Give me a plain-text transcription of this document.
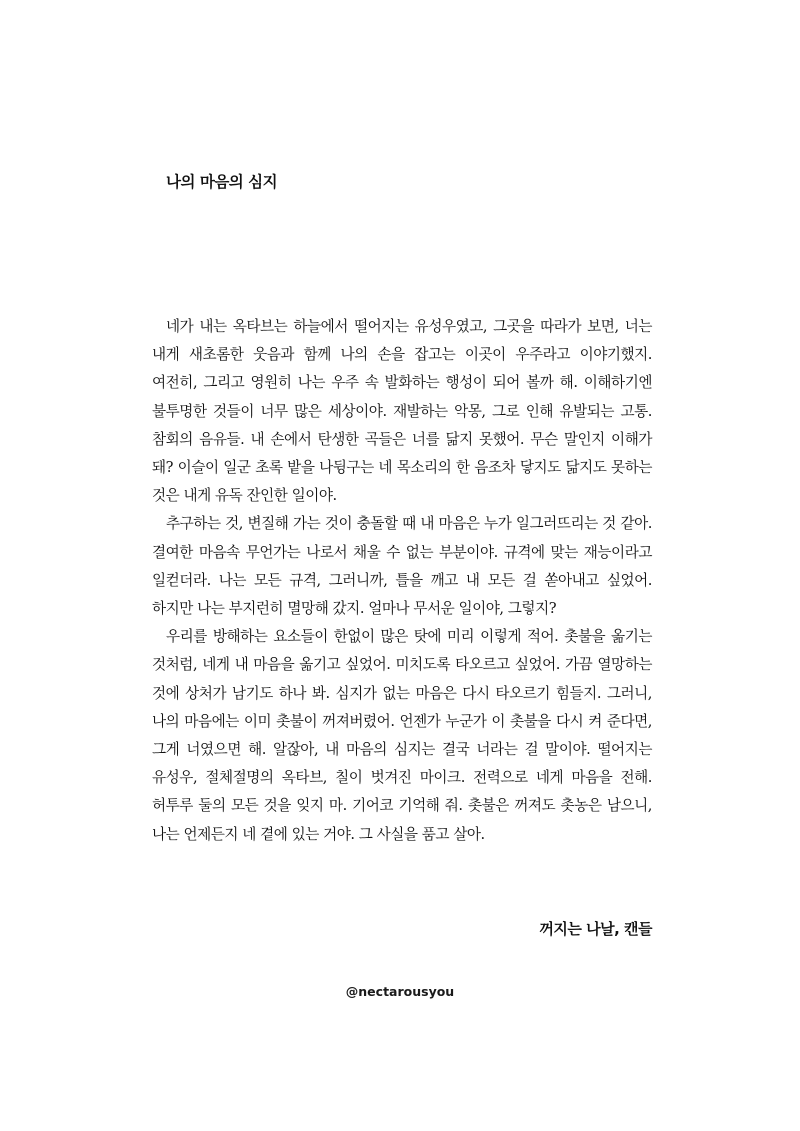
나의 마음의 심지

네가 내는 옥타브는 하늘에서 떨어지는 유성우였고, 그곳을 따라가 보면, 너는 내게 새초롬한 웃음과 함께 나의 손을 잡고는 이곳이 우주라고 이야기했지. 여전히, 그리고 영원히 나는 우주 속 발화하는 행성이 되어 볼까 해. 이해하기엔 불투명한 것들이 너무 많은 세상이야. 재발하는 악몽, 그로 인해 유발되는 고통. 참회의 음유들. 내 손에서 탄생한 곡들은 너를 닮지 못했어. 무슨 말인지 이해가 돼? 이슬이 일군 초록 밭을 나뒹구는 네 목소리의 한 음조차 닿지도 닮지도 못하는 것은 내게 유독 잔인한 일이야.

추구하는 것, 변질해 가는 것이 충돌할 때 내 마음은 누가 일그러뜨리는 것 같아. 결여한 마음속 무언가는 나로서 채울 수 없는 부분이야. 규격에 맞는 재능이라고 일컫더라. 나는 모든 규격, 그러니까, 틀을 깨고 내 모든 걸 쏟아내고 싶었어. 하지만 나는 부지런히 멸망해 갔지. 얼마나 무서운 일이야, 그렇지?

우리를 방해하는 요소들이 한없이 많은 탓에 미리 이렇게 적어. 촛불을 옮기는 것처럼, 네게 내 마음을 옮기고 싶었어. 미치도록 타오르고 싶었어. 가끔 열망하는 것에 상처가 남기도 하나 봐. 심지가 없는 마음은 다시 타오르기 힘들지. 그러니, 나의 마음에는 이미 촛불이 꺼져버렸어. 언젠가 누군가 이 촛불을 다시 켜 준다면, 그게 너였으면 해. 알잖아, 내 마음의 심지는 결국 너라는 걸 말이야. 떨어지는 유성우, 절체절명의 옥타브, 칠이 벗겨진 마이크. 전력으로 네게 마음을 전해. 허투루 둘의 모든 것을 잊지 마. 기어코 기억해 줘. 촛불은 꺼져도 촛농은 남으니, 나는 언제든지 네 곁에 있는 거야. 그 사실을 품고 살아.

꺼지는 나날, 캔들
@nectarousyou
